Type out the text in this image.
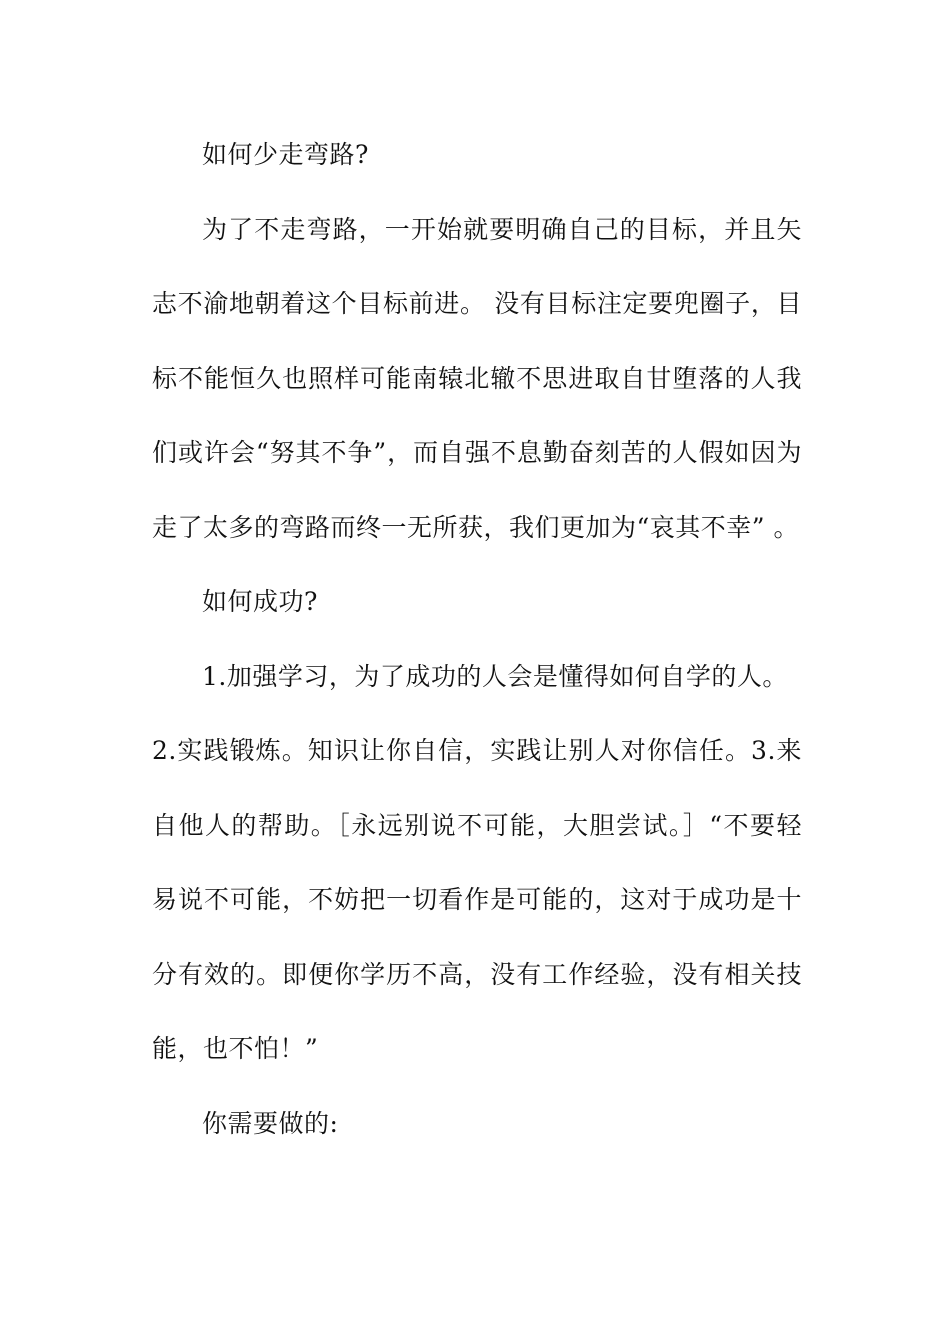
如何少走弯路?

为了不走弯路，一开始就要明确自己的目标，并且矢志不渝地朝着这个目标前进。 没有目标注定要兜圈子，目标不能恒久也照样可能南辕北辙不思进取自甘堕落的人我们或许会“努其不争”，而自强不息勤奋刻苦的人假如因为走了太多的弯路而终一无所获，我们更加为“哀其不幸” 。

如何成功?

1.加强学习，为了成功的人会是懂得如何自学的人。

2.实践锻炼。知识让你自信，实践让别人对你信任。3.来自他人的帮助。［永远别说不可能，大胆尝试。］“不要轻易说不可能，不妨把一切看作是可能的，这对于成功是十分有效的。即便你学历不高，没有工作经验，没有相关技能，也不怕！”

你需要做的:
